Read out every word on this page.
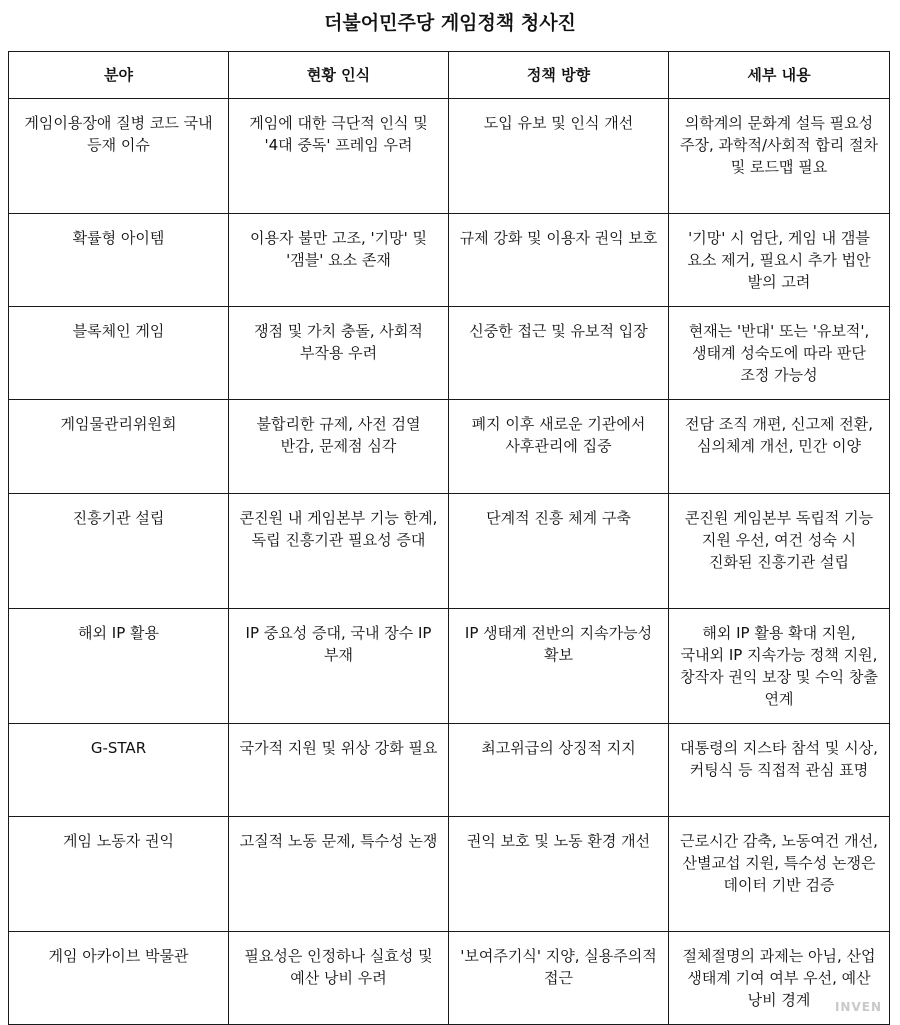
더불어민주당 게임정책 청사진
분야	현황 인식	정책 방향	세부 내용
게임이용장애 질병 코드 국내 등재 이슈	게임에 대한 극단적 인식 및 '4대 중독' 프레임 우려	도입 유보 및 인식 개선	의학계의 문화계 설득 필요성 주장, 과학적/사회적 합리 절차 및 로드맵 필요
확률형 아이템	이용자 불만 고조, '기망' 및 '갬블' 요소 존재	규제 강화 및 이용자 권익 보호	'기망' 시 엄단, 게임 내 갬블 요소 제거, 필요시 추가 법안 발의 고려
블록체인 게임	쟁점 및 가치 충돌, 사회적 부작용 우려	신중한 접근 및 유보적 입장	현재는 '반대' 또는 '유보적', 생태계 성숙도에 따라 판단 조정 가능성
게임물관리위원회	불합리한 규제, 사전 검열 반감, 문제점 심각	폐지 이후 새로운 기관에서 사후관리에 집중	전담 조직 개편, 신고제 전환, 심의체계 개선, 민간 이양
진흥기관 설립	콘진원 내 게임본부 기능 한계, 독립 진흥기관 필요성 증대	단계적 진흥 체계 구축	콘진원 게임본부 독립적 기능 지원 우선, 여건 성숙 시 진화된 진흥기관 설립
해외 IP 활용	IP 중요성 증대, 국내 장수 IP 부재	IP 생태계 전반의 지속가능성 확보	해외 IP 활용 확대 지원, 국내외 IP 지속가능 정책 지원, 창작자 권익 보장 및 수익 창출 연계
G-STAR	국가적 지원 및 위상 강화 필요	최고위급의 상징적 지지	대통령의 지스타 참석 및 시상, 커팅식 등 직접적 관심 표명
게임 노동자 권익	고질적 노동 문제, 특수성 논쟁	권익 보호 및 노동 환경 개선	근로시간 감축, 노동여건 개선, 산별교섭 지원, 특수성 논쟁은 데이터 기반 검증
게임 아카이브 박물관	필요성은 인정하나 실효성 및 예산 낭비 우려	'보여주기식' 지양, 실용주의적 접근	절체절명의 과제는 아님, 산업 생태계 기여 여부 우선, 예산 낭비 경계 INVEN
